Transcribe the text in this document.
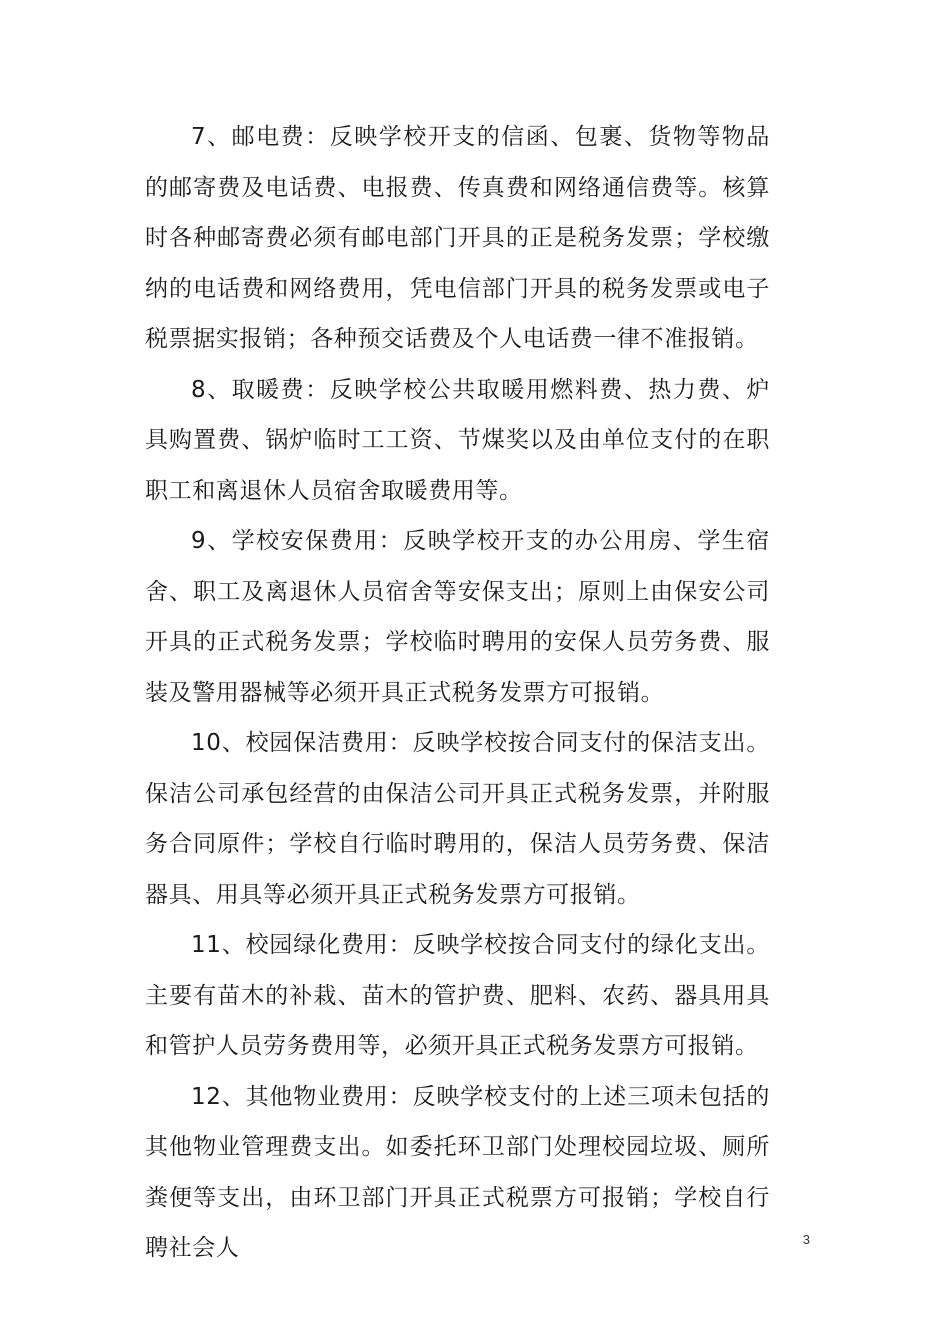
7、邮电费：反映学校开支的信函、包裹、货物等物品的邮寄费及电话费、电报费、传真费和网络通信费等。核算时各种邮寄费必须有邮电部门开具的正是税务发票；学校缴纳的电话费和网络费用，凭电信部门开具的税务发票或电子税票据实报销；各种预交话费及个人电话费一律不准报销。

8、取暖费：反映学校公共取暖用燃料费、热力费、炉具购置费、锅炉临时工工资、节煤奖以及由单位支付的在职职工和离退休人员宿舍取暖费用等。

9、学校安保费用：反映学校开支的办公用房、学生宿舍、职工及离退休人员宿舍等安保支出；原则上由保安公司开具的正式税务发票；学校临时聘用的安保人员劳务费、服装及警用器械等必须开具正式税务发票方可报销。

10、校园保洁费用：反映学校按合同支付的保洁支出。保洁公司承包经营的由保洁公司开具正式税务发票，并附服务合同原件；学校自行临时聘用的，保洁人员劳务费、保洁器具、用具等必须开具正式税务发票方可报销。

11、校园绿化费用：反映学校按合同支付的绿化支出。主要有苗木的补栽、苗木的管护费、肥料、农药、器具用具和管护人员劳务费用等，必须开具正式税务发票方可报销。

12、其他物业费用：反映学校支付的上述三项未包括的其他物业管理费支出。如委托环卫部门处理校园垃圾、厕所粪便等支出，由环卫部门开具正式税票方可报销；学校自行聘社会人	3
